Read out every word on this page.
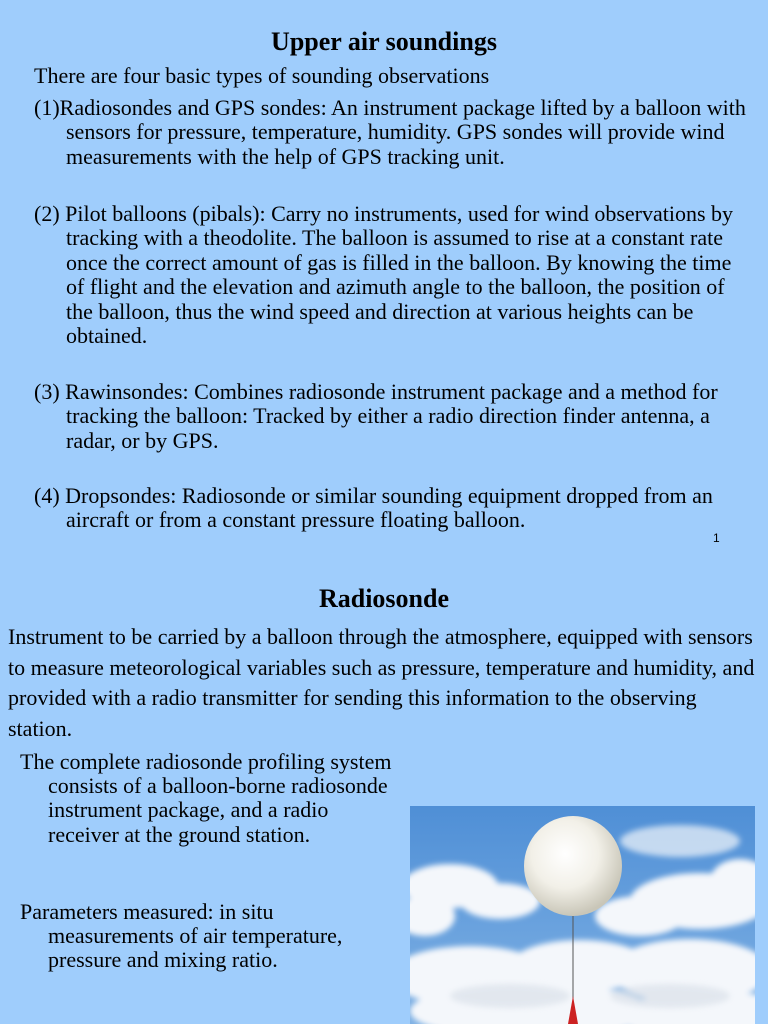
Upper air soundings
There are four basic types of sounding observations
(1)Radiosondes and GPS sondes: An instrument package lifted by a balloon with sensors for pressure, temperature, humidity. GPS sondes will provide wind measurements with the help of GPS tracking unit.
(2) Pilot balloons (pibals): Carry no instruments, used for wind observations by tracking with a theodolite. The balloon is assumed to rise at a constant rate once the correct amount of gas is filled in the balloon. By knowing the time of flight and the elevation and azimuth angle to the balloon, the position of the balloon, thus the wind speed and direction at various heights can be obtained.
(3) Rawinsondes: Combines radiosonde instrument package and a method for tracking the balloon: Tracked by either a radio direction finder antenna, a radar, or by GPS.
(4) Dropsondes: Radiosonde or similar sounding equipment dropped from an aircraft or from a constant pressure floating balloon.
1
Radiosonde
Instrument to be carried by a balloon through the atmosphere, equipped with sensors to measure meteorological variables such as pressure, temperature and humidity, and provided with a radio transmitter for sending this information to the observing station.
The complete radiosonde profiling system consists of a balloon-borne radiosonde instrument package, and a radio receiver at the ground station.
Parameters measured: in situ measurements of air temperature, pressure and mixing ratio.
